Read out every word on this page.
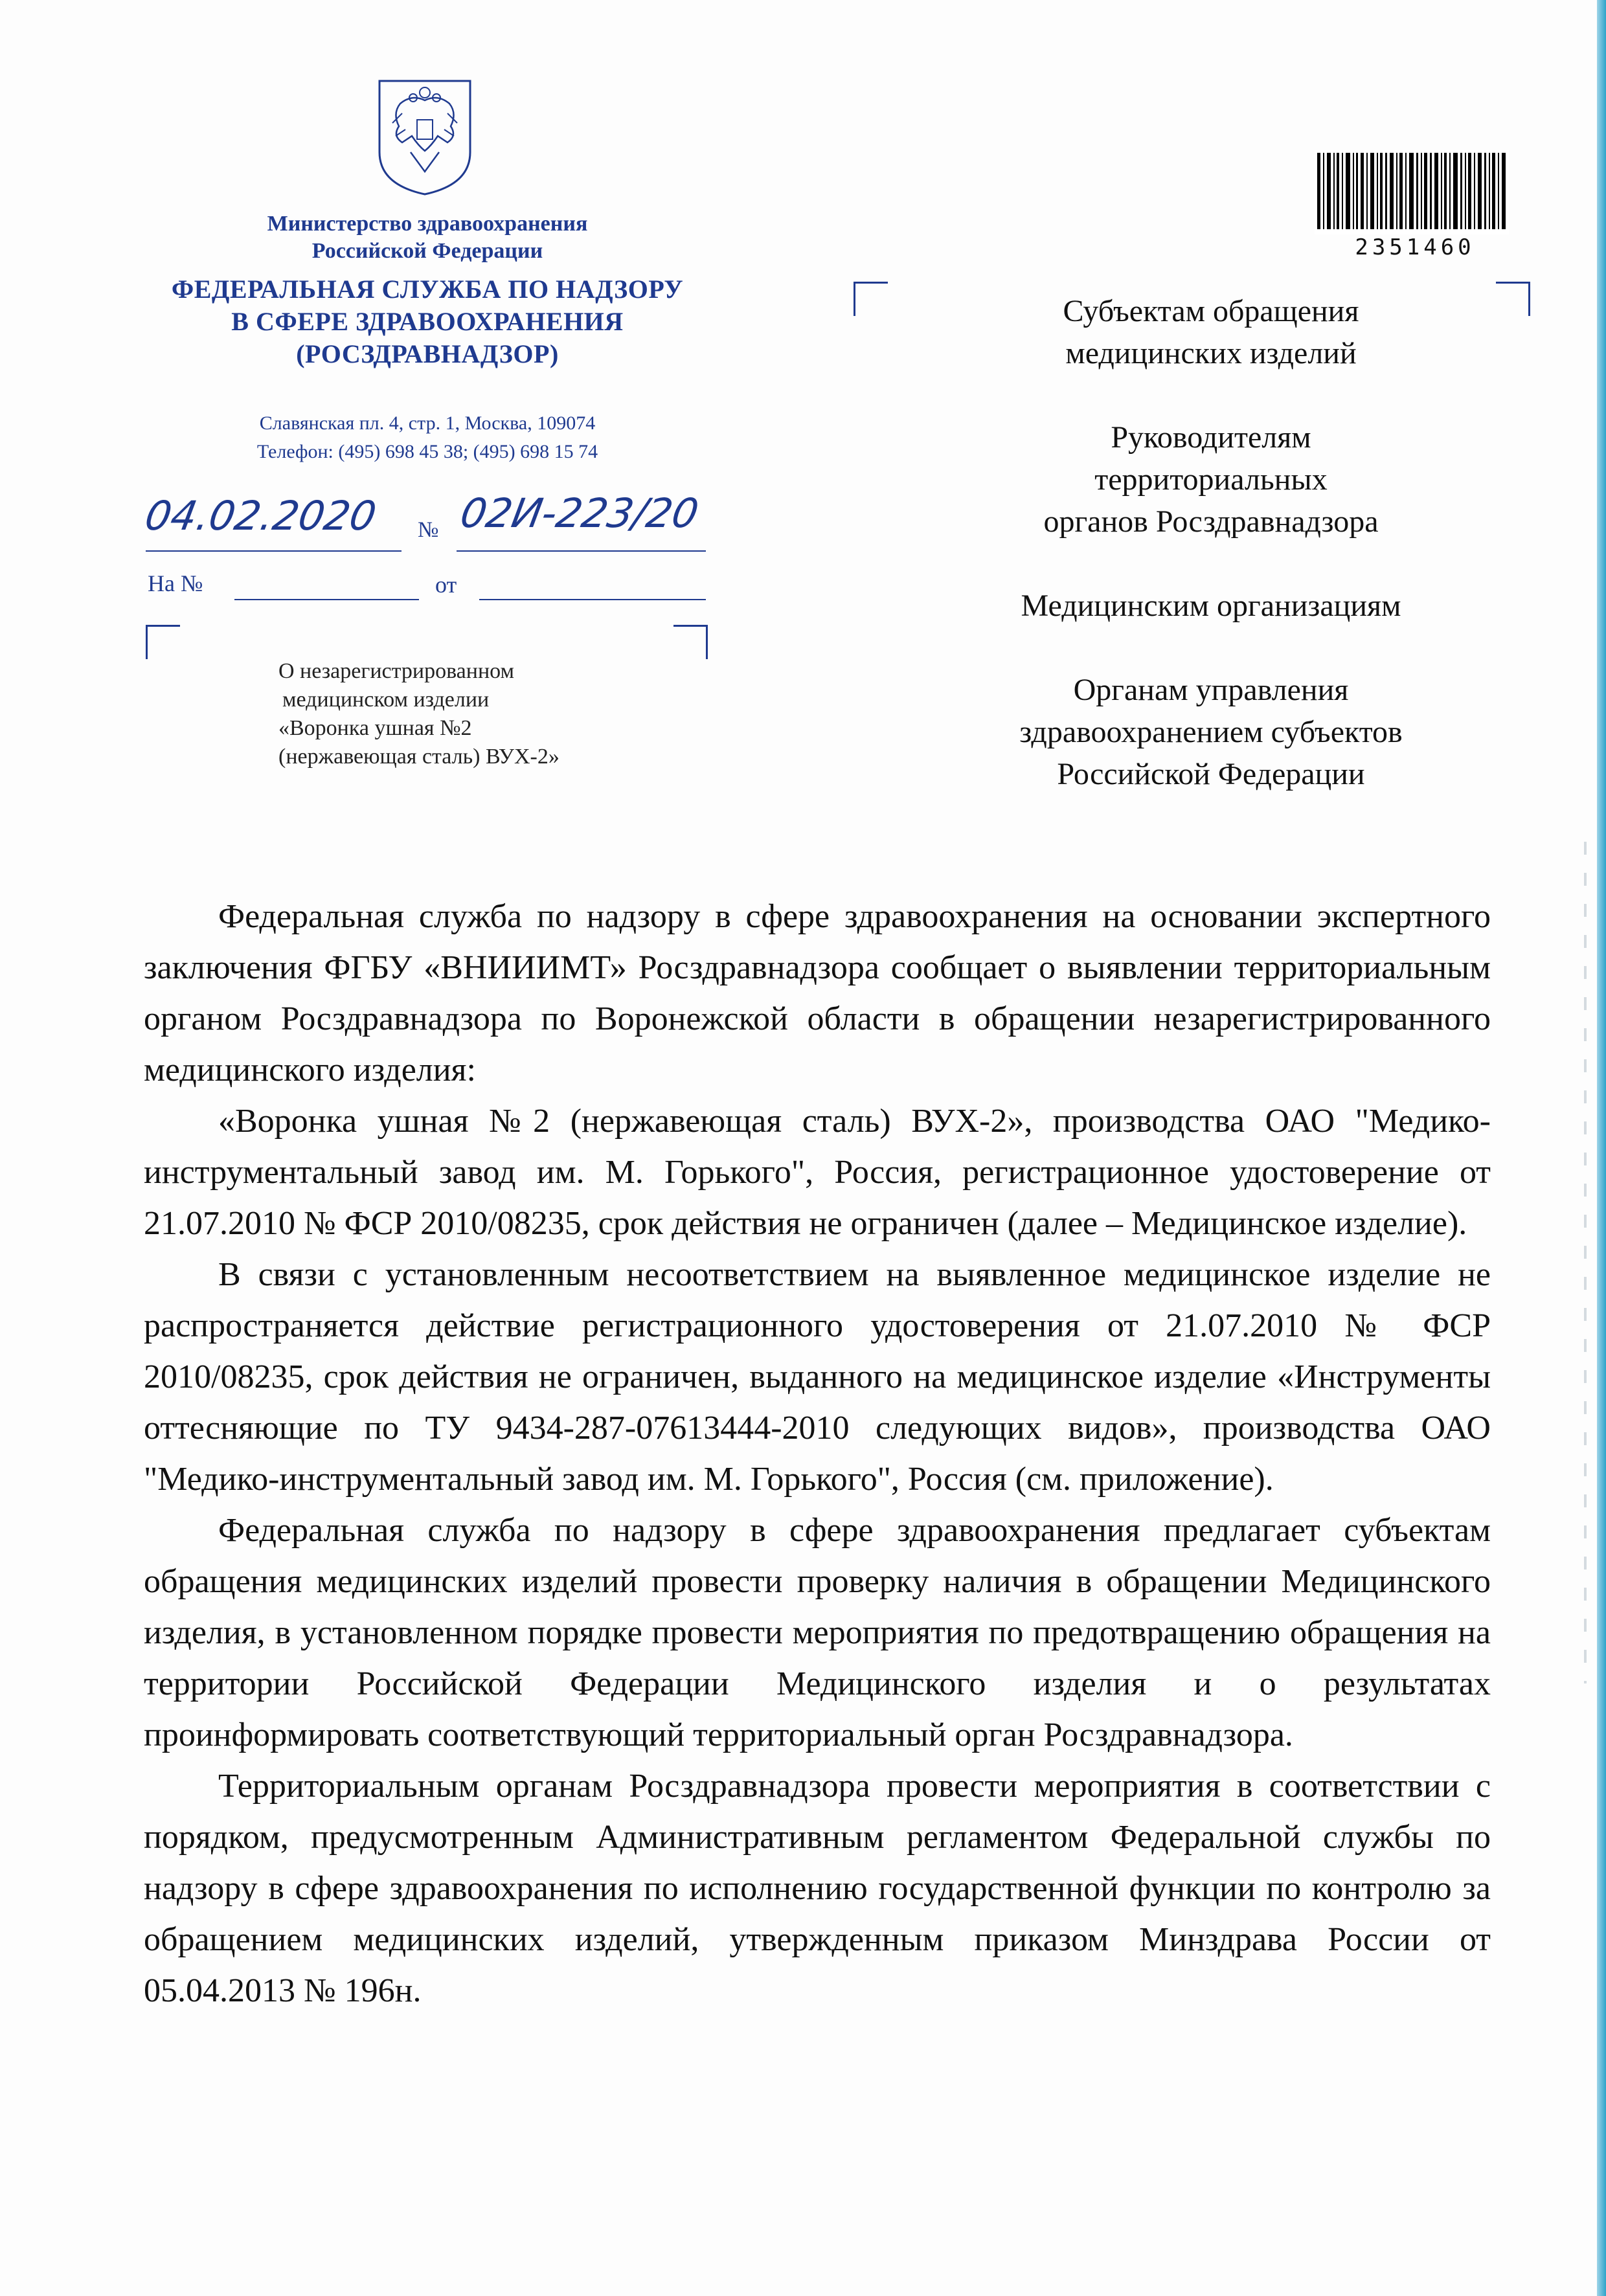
Министерство здравоохранения
Российской Федерации
ФЕДЕРАЛЬНАЯ СЛУЖБА ПО НАДЗОРУ
В СФЕРЕ ЗДРАВООХРАНЕНИЯ
(РОСЗДРАВНАДЗОР)
Славянская пл. 4, стр. 1, Москва, 109074
Телефон: (495) 698 45 38; (495) 698 15 74
04.02.2020 № 02И-223/20
На №	от
О незарегистрированном
медицинском изделии
«Воронка ушная №2
(нержавеющая сталь) ВУХ-2»
2351460
Субъектам обращения
медицинских изделий
Руководителям
территориальных
органов Росздравнадзора
Медицинским организациям
Органам управления
здравоохранением субъектов
Российской Федерации

Федеральная служба по надзору в сфере здравоохранения на основании экспертного заключения ФГБУ «ВНИИИМТ» Росздравнадзора сообщает о выявлении территориальным органом Росздравнадзора по Воронежской области в обращении незарегистрированного медицинского изделия:

«Воронка ушная №2 (нержавеющая сталь) ВУХ-2», производства ОАО "Медико-инструментальный завод им. М. Горького", Россия, регистрационное удостоверение от 21.07.2010 № ФСР 2010/08235, срок действия не ограничен (далее – Медицинское изделие).

В связи с установленным несоответствием на выявленное медицинское изделие не распространяется действие регистрационного удостоверения от 21.07.2010 № ФСР 2010/08235, срок действия не ограничен, выданного на медицинское изделие «Инструменты оттесняющие по ТУ 9434-287-07613444-2010 следующих видов», производства ОАО "Медико-инструментальный завод им. М. Горького", Россия (см. приложение).

Федеральная служба по надзору в сфере здравоохранения предлагает субъектам обращения медицинских изделий провести проверку наличия в обращении Медицинского изделия, в установленном порядке провести мероприятия по предотвращению обращения на территории Российской Федерации Медицинского изделия и о результатах проинформировать соответствующий территориальный орган Росздравнадзора.

Территориальным органам Росздравнадзора провести мероприятия в соответствии с порядком, предусмотренным Административным регламентом Федеральной службы по надзору в сфере здравоохранения по исполнению государственной функции по контролю за обращением медицинских изделий, утвержденным приказом Минздрава России от 05.04.2013 № 196н.
